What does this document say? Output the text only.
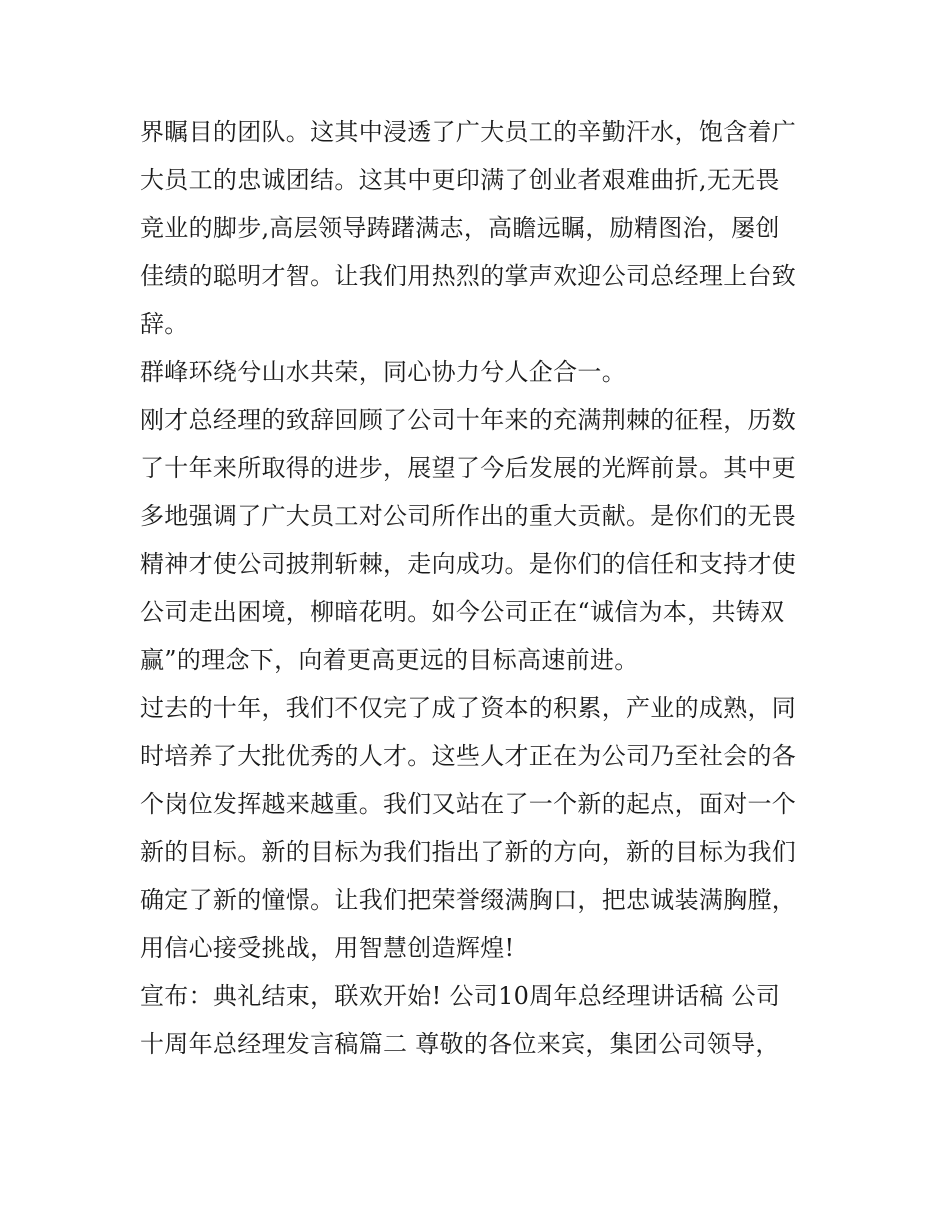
界瞩目的团队。这其中浸透了广大员工的辛勤汗水，饱含着广
大员工的忠诚团结。这其中更印满了创业者艰难曲折,无无畏
竞业的脚步,高层领导踌躇满志，高瞻远瞩，励精图治，屡创
佳绩的聪明才智。让我们用热烈的掌声欢迎公司总经理上台致
辞。
群峰环绕兮山水共荣，同心协力兮人企合一。
刚才总经理的致辞回顾了公司十年来的充满荆棘的征程，历数
了十年来所取得的进步，展望了今后发展的光辉前景。其中更
多地强调了广大员工对公司所作出的重大贡献。是你们的无畏
精神才使公司披荆斩棘，走向成功。是你们的信任和支持才使
公司走出困境，柳暗花明。如今公司正在“诚信为本，共铸双
赢”的理念下，向着更高更远的目标高速前进。
过去的十年，我们不仅完了成了资本的积累，产业的成熟，同
时培养了大批优秀的人才。这些人才正在为公司乃至社会的各
个岗位发挥越来越重。我们又站在了一个新的起点，面对一个
新的目标。新的目标为我们指出了新的方向，新的目标为我们
确定了新的憧憬。让我们把荣誉缀满胸口，把忠诚装满胸膛，
用信心接受挑战，用智慧创造辉煌!
宣布：典礼结束，联欢开始! 公司10周年总经理讲话稿 公司
十周年总经理发言稿篇二 尊敬的各位来宾，集团公司领导，
